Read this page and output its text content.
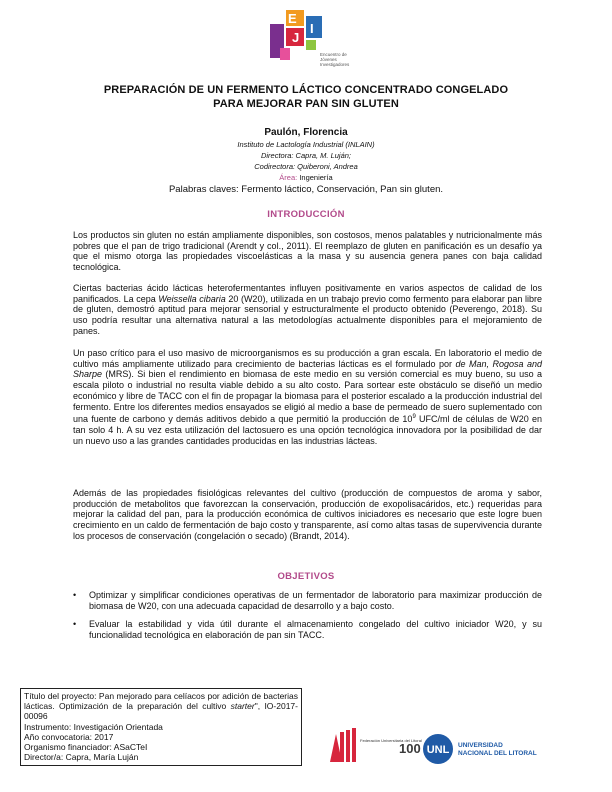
E
J
I
Encuentro de Jóvenes Investigadores
PREPARACIÓN DE UN FERMENTO LÁCTICO CONCENTRADO CONGELADO
PARA MEJORAR PAN SIN GLUTEN
Paulón, Florencia
Instituto de Lactología Industrial (INLAIN)
Directora: Capra, M. Luján;
Codirectora: Quiberoni, Andrea
Área: Ingeniería
Palabras claves: Fermento láctico, Conservación, Pan sin gluten.
INTRODUCCIÓN

Los productos sin gluten no están ampliamente disponibles, son costosos, menos palatables y nutricionalmente más pobres que el pan de trigo tradicional (Arendt y col., 2011). El reemplazo de gluten en panificación es un desafío ya que el mismo otorga las propiedades viscoelásticas a la masa y su ausencia genera panes con baja calidad tecnológica.

Ciertas bacterias ácido lácticas heterofermentantes influyen positivamente en varios aspectos de calidad de los panificados. La cepa Weissella cibaria 20 (W20), utilizada en un trabajo previo como fermento para elaborar pan libre de gluten, demostró aptitud para mejorar sensorial y estructuralmente el producto obtenido (Peverengo, 2018). Su uso podría resultar una alternativa natural a las metodologías actualmente disponibles para el mejoramiento de panes.

Un paso crítico para el uso masivo de microorganismos es su producción a gran escala. En laboratorio el medio de cultivo más ampliamente utilizado para crecimiento de bacterias lácticas es el formulado por de Man, Rogosa and Sharpe (MRS). Si bien el rendimiento en biomasa de este medio en su versión comercial es muy bueno, su uso a escala piloto o industrial no resulta viable debido a su alto costo. Para sortear este obstáculo se diseñó un medio económico y libre de TACC con el fin de propagar la biomasa para el posterior escalado a la producción industrial del fermento. Entre los diferentes medios ensayados se eligió al medio a base de permeado de suero suplementado con una fuente de carbono y demás aditivos debido a que permitió la producción de $10^9$ UFC/ml de células de W20 en tan solo 4 h. A su vez esta utilización del lactosuero es una opción tecnológica innovadora por la posibilidad de dar un nuevo uso a las grandes cantidades producidas en las industrias lácteas.

Además de las propiedades fisiológicas relevantes del cultivo (producción de compuestos de aroma y sabor, producción de metabolitos que favorezcan la conservación, producción de exopolisacáridos, etc.) requeridas para mejorar la calidad del pan, para la producción económica de cultivos iniciadores es necesario que este logre buen crecimiento en un caldo de fermentación de bajo costo y transparente, así como altas tasas de supervivencia durante los procesos de conservación (congelación o secado) (Brandt, 2014).

OBJETIVOS
• Optimizar y simplificar condiciones operativas de un fermentador de laboratorio para maximizar producción de biomasa de W20, con una adecuada capacidad de desarrollo y a bajo costo.
• Evaluar la estabilidad y vida útil durante el almacenamiento congelado del cultivo iniciador W20, y su funcionalidad tecnológica en elaboración de pan sin TACC.
Título del proyecto: Pan mejorado para celíacos por adición de bacterias lácticas. Optimización de la preparación del cultivo starter", IO-2017- 00096
Instrumento: Investigación Orientada
Año convocatoria: 2017
Organismo financiador: ASaCTeI
Director/a: Capra, María Luján
Federación Universitaria del Litoral
100 UNL UNIVERSIDAD
NACIONAL DEL LITORAL
